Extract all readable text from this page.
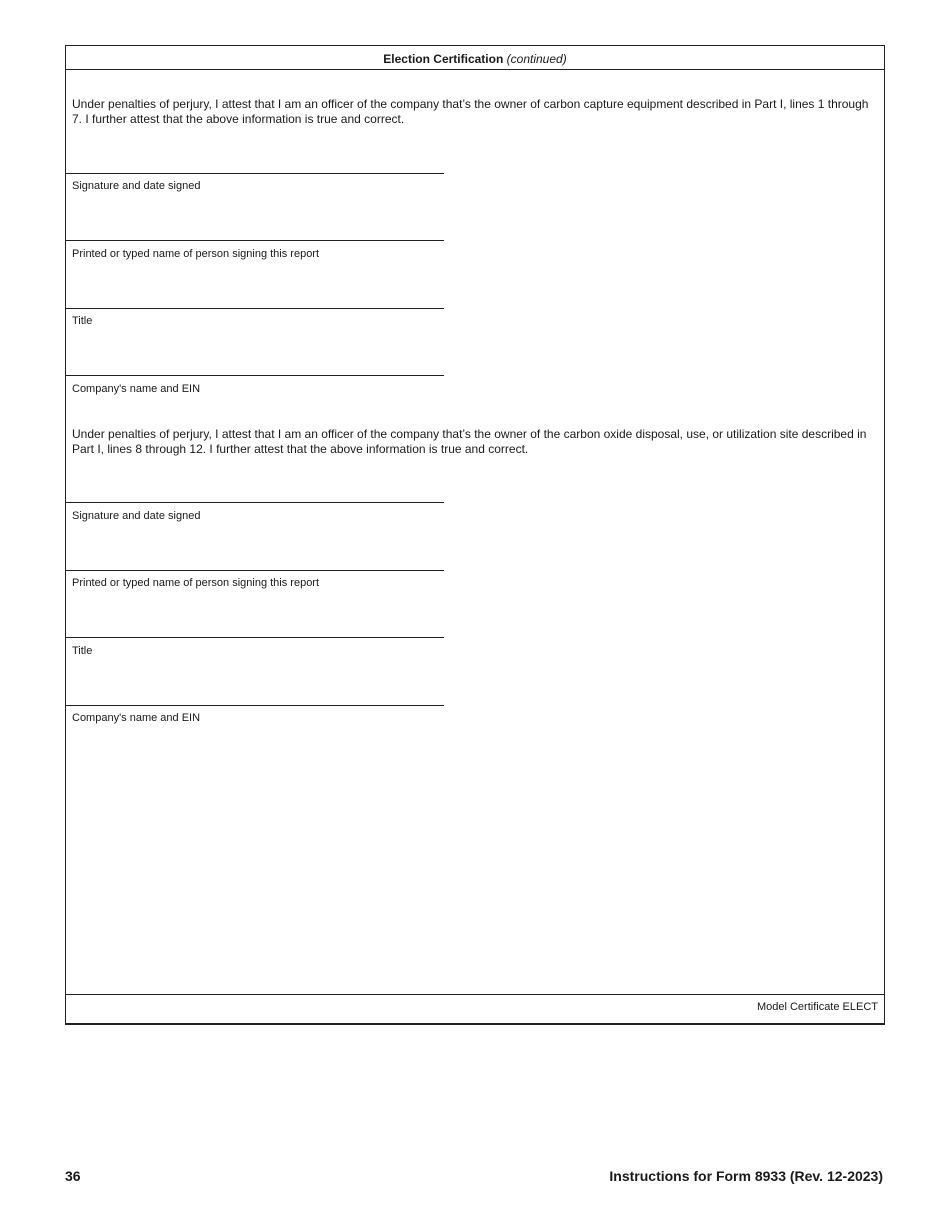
Election Certification (continued)
Under penalties of perjury, I attest that I am an officer of the company that’s the owner of carbon capture equipment described in Part I, lines 1 through 7. I further attest that the above information is true and correct.
Signature and date signed
Printed or typed name of person signing this report
Title
Company's name and EIN
Under penalties of perjury, I attest that I am an officer of the company that’s the owner of the carbon oxide disposal, use, or utilization site described in Part I, lines 8 through 12. I further attest that the above information is true and correct.
Signature and date signed
Printed or typed name of person signing this report
Title
Company's name and EIN
Model Certificate ELECT
36	Instructions for Form 8933 (Rev. 12-2023)
